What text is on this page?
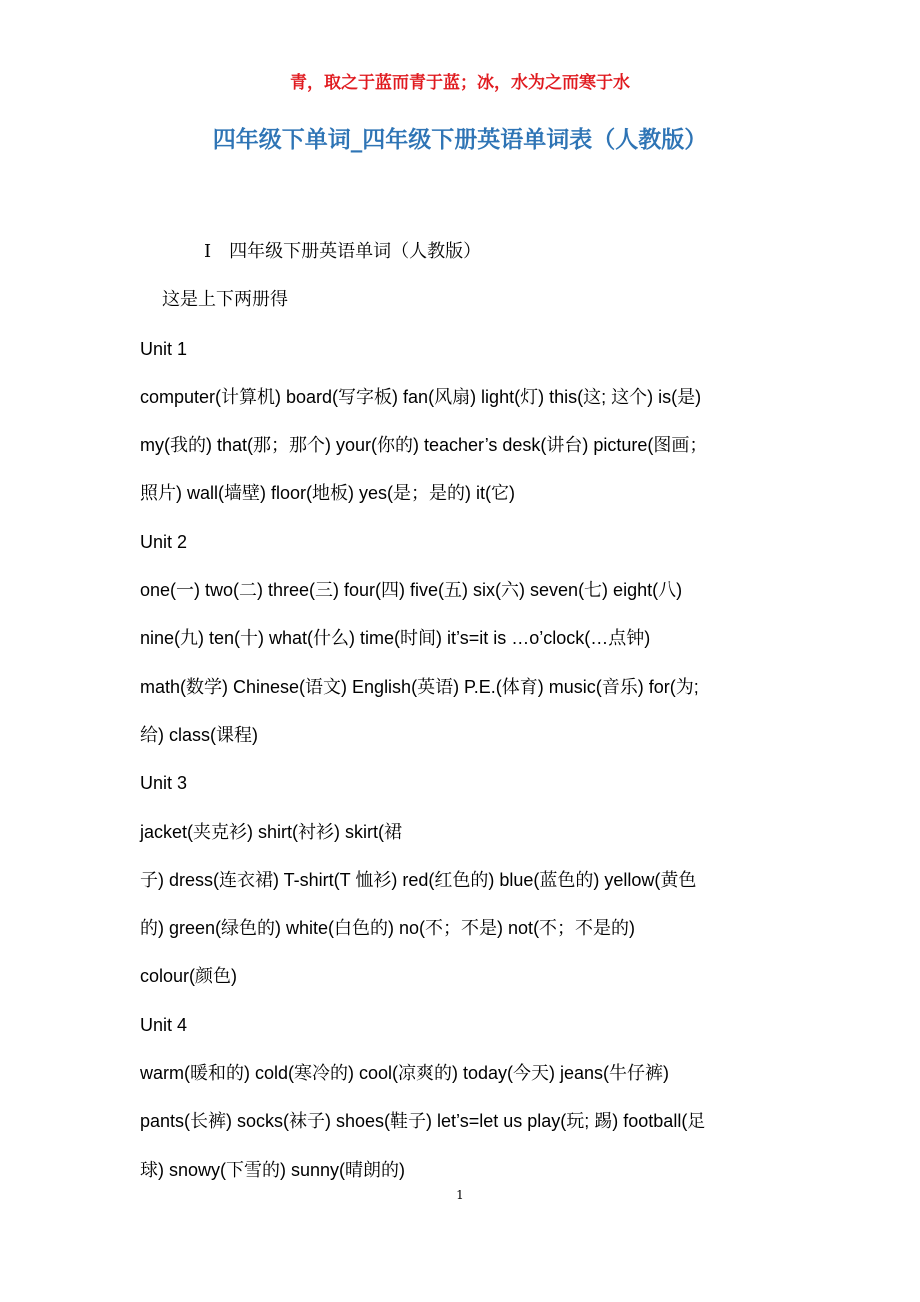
青，取之于蓝而青于蓝；冰，水为之而寒于水
四年级下单词_四年级下册英语单词表（人教版）

Ⅰ　四年级下册英语单词（人教版）

这是上下两册得

Unit 1

computer(计算机) board(写字板) fan(风扇) light(灯) this(这; 这个) is(是)

my(我的) that(那；那个) your(你的) teacher’s desk(讲台) picture(图画；

照片) wall(墙壁) floor(地板) yes(是；是的) it(它)

Unit 2

one(一) two(二) three(三) four(四) five(五) six(六) seven(七) eight(八)

nine(九) ten(十) what(什么) time(时间) it’s=it is …o’clock(…点钟)

math(数学) Chinese(语文) English(英语) P.E.(体育) music(音乐) for(为;

给) class(课程)

Unit 3

jacket(夹克衫) shirt(衬衫) skirt(裙

子) dress(连衣裙) T-shirt(T 恤衫) red(红色的) blue(蓝色的) yellow(黄色

的) green(绿色的) white(白色的) no(不；不是) not(不；不是的)

colour(颜色)

Unit 4

warm(暖和的) cold(寒冷的) cool(凉爽的) today(今天) jeans(牛仔裤)

pants(长裤) socks(袜子) shoes(鞋子) let’s=let us play(玩; 踢) football(足

球) snowy(下雪的) sunny(晴朗的)

1
